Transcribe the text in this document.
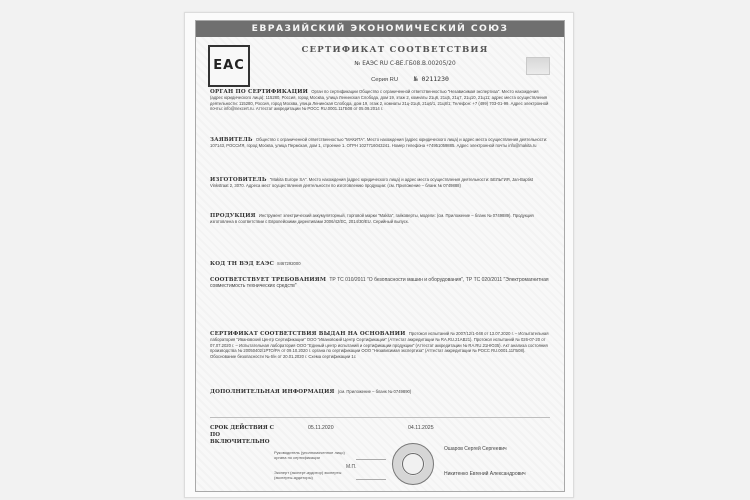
ЕВРАЗИЙСКИЙ ЭКОНОМИЧЕСКИЙ СОЮЗ
EAC
СЕРТИФИКАТ СООТВЕТСТВИЯ
№ ЕАЭС RU C-BE.ГБ08.В.00205/20
Серия RU № 0211230
ОРГАН ПО СЕРТИФИКАЦИИ Орган по сертификации Общество с ограниченной ответственностью "Независимая экспертиза". Место нахождения (адрес юридического лица): 115280, Россия, город Москва, улица Ленинская Слобода, дом 19, этаж 2, комнаты 21ц6, 21ц5, 21ц7, 21ц10, 21ц11; адрес места осуществления деятельности: 115280, Россия, город Москва, улица Ленинская Слобода, дом 19, этаж 2, комнаты 21ц-21ц6, 21ц6/1, 21ц8/1; Телефон: +7 (499) 703-01-99. Адрес электронной почты: info@nexcert.ru. Аттестат аккредитации № РОСС RU.0001.11ГБ08 от 05.09.2014 г.
ЗАЯВИТЕЛЬ Общество с ограниченной ответственностью "МАКИТА". Место нахождения (адрес юридического лица) и адрес места осуществления деятельности: 107143, РОССИЯ, город Москва, улица Пермская, дом 1, строение 1. ОГРН 1027716043241. Номер телефона +74951059885. Адрес электронной почты info@makita.ru
ИЗГОТОВИТЕЛЬ "Makita Europe SA". Место нахождения (адрес юридического лица) и адрес места осуществления деятельности: БЕЛЬГИЯ, Jan-Baptist Vinkstraat 2, 3070. Адреса мест осуществления деятельности по изготовлению продукции: (см. Приложение – бланк № 0749888)
ПРОДУКЦИЯ Инструмент электрический аккумуляторный, торговой марки "Makita", гайковерты, модели: (см. Приложение – бланк № 0749889). Продукция изготовлена в соответствии с Европейскими директивами 2006/42/EC, 2014/30/EU. Серийный выпуск.
КОД ТН ВЭД ЕАЭС 8467292000
СООТВЕТСТВУЕТ ТРЕБОВАНИЯМ ТР ТС 010/2011 "О безопасности машин и оборудования", ТР ТС 020/2011 "Электромагнитная совместимость технических средств"
СЕРТИФИКАТ СООТВЕТСТВИЯ ВЫДАН НА ОСНОВАНИИ Протокол испытаний № 2007/12/1-048 от 13.07.2020 г. – Испытательная лаборатория "Ивановский Центр Сертификации" ООО "Ивановский Центр Сертификации" (Аттестат аккредитации № RA.RU.21АВ21). Протокол испытаний № 026-07-20 от 07.07.2020 г. – Испытательная лаборатория ООО "Единый центр испытаний и сертификации продукции" (Аттестат аккредитации № RA.RU.21НЮ35). Акт анализа состояния производства № 20050402/1РТО/РА от 09.10.2020 г. органа по сертификации ООО "Независимая экспертиза" (Аттестат аккредитации № РОСС RU.0001.11ГБ08). Обоснование безопасности № 6/н от 20.01.2020 г. Схема сертификации 1с
ДОПОЛНИТЕЛЬНАЯ ИНФОРМАЦИЯ (см. Приложение – бланк № 0749890)
СРОК ДЕЙСТВИЯ С
ПО
ВКЛЮЧИТЕЛЬНО
05.11.2020	04.11.2025
Руководитель (уполномоченное лицо) органа по сертификации
Ошаров Сергей Сергеевич
М.П.
Эксперт (эксперт-аудитор) эксперты (эксперты-аудиторы)
Никитенко Евгений Александрович
